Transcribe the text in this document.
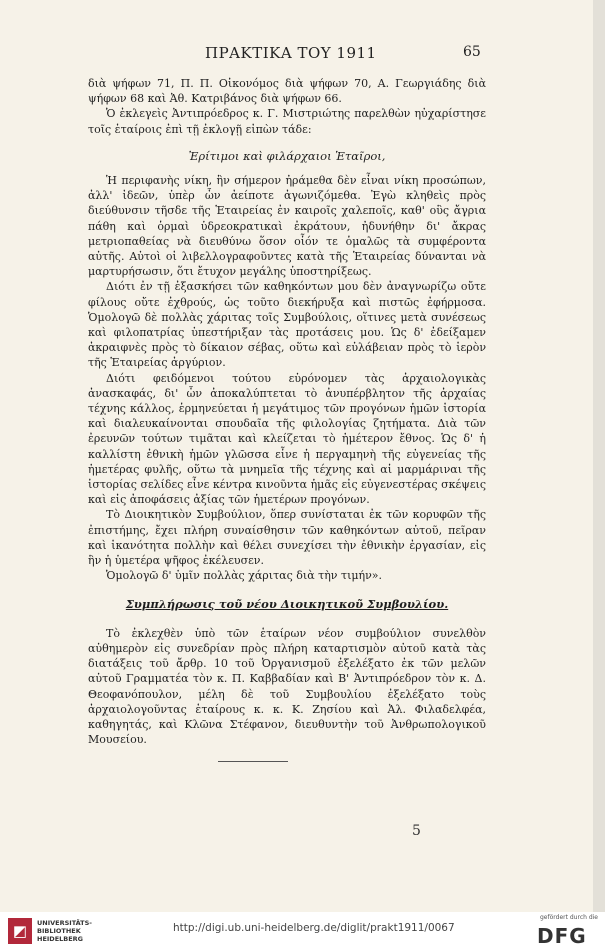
ΠΡΑΚΤΙΚΑ ΤΟΥ 1911	65

διὰ ψήφων 71, Π. Π. Οἰκονόμος διὰ ψήφων 70, Α. Γεωργιάδης διὰ ψήφων 68 καὶ Ἀθ. Κατριβάνος διὰ ψήφων 66.

Ὁ ἐκλεγεὶς Ἀντιπρόεδρος κ. Γ. Μιστριώτης παρελθὼν ηὐχαρίστησε τοῖς ἑταίροις ἐπὶ τῇ ἐκλογῇ εἰπὼν τάδε:

Ἐρίτιμοι καὶ φιλάρχαιοι Ἑταῖροι,

Ἡ περιφανὴς νίκη, ἣν σήμερον ἠράμεθα δὲν εἶναι νίκη προσώπων, ἀλλ' ἰδεῶν, ὑπὲρ ὧν ἀείποτε ἀγωνιζόμεθα. Ἐγὼ κληθεὶς πρὸς διεύθυνσιν τῆσδε τῆς Ἑταιρείας ἐν καιροῖς χαλεποῖς, καθ' οὓς ἄγρια πάθη καὶ ὁρμαὶ ὑδρεοκρατικαὶ ἐκράτουν, ἠδυνήθην δι' ἄκρας μετριοπαθείας νὰ διευθύνω ὅσον οἷόν τε ὁμαλῶς τὰ συμφέροντα αὐτῆς. Αὐτοὶ οἱ λιβελλογραφοῦντες κατὰ τῆς Ἑταιρείας δύνανται νὰ μαρτυρήσωσιν, ὅτι ἔτυχον μεγάλης ὑποστηρίξεως.

Διότι ἐν τῇ ἐξασκήσει τῶν καθηκόντων μου δὲν ἀναγνωρίζω οὔτε φίλους οὔτε ἐχθρούς, ὡς τοῦτο διεκήρυξα καὶ πιστῶς ἐφήρμοσα. Ὁμολογῶ δὲ πολλὰς χάριτας τοῖς Συμβούλοις, οἵτινες μετὰ συνέσεως καὶ φιλοπατρίας ὑπεστήριξαν τὰς προτάσεις μου. Ὡς δ' ἐδείξαμεν ἀκραιφνὲς πρὸς τὸ δίκαιον σέβας, οὕτω καὶ εὐλάβειαν πρὸς τὸ ἱερὸν τῆς Ἑταιρείας ἀργύριον.

Διότι φειδόμενοι τούτου εὑρόνομεν τὰς ἀρχαιολογικὰς ἀνασκαφάς, δι' ὧν ἀποκαλύπτεται τὸ ἀνυπέρβλητον τῆς ἀρχαίας τέχνης κάλλος, ἑρμηνεύεται ἡ μεγάτιμος τῶν προγόνων ἡμῶν ἱστορία καὶ διαλευκαίνονται σπουδαῖα τῆς φιλολογίας ζητήματα. Διὰ τῶν ἐρευνῶν τούτων τιμᾶται καὶ κλείζεται τὸ ἡμέτερον ἔθνος. Ὡς δ' ἡ καλλίστη ἐθνικὴ ἡμῶν γλῶσσα εἶνε ἡ περγαμηνὴ τῆς εὐγενείας τῆς ἡμετέρας φυλῆς, οὕτω τὰ μνημεῖα τῆς τέχνης καὶ αἱ μαρμάριναι τῆς ἱστορίας σελίδες εἶνε κέντρα κινοῦντα ἡμᾶς εἰς εὐγενεστέρας σκέψεις καὶ εἰς ἀποφάσεις ἀξίας τῶν ἡμετέρων προγόνων.

Τὸ Διοικητικὸν Συμβούλιον, ὅπερ συνίσταται ἐκ τῶν κορυφῶν τῆς ἐπιστήμης, ἔχει πλήρη συναίσθησιν τῶν καθηκόντων αὐτοῦ, πεῖραν καὶ ἱκανότητα πολλὴν καὶ θέλει συνεχίσει τὴν ἐθνικὴν ἐργασίαν, εἰς ἣν ἡ ὑμετέρα ψῆφος ἐκέλευσεν.

Ὁμολογῶ δ' ὑμῖν πολλὰς χάριτας διὰ τὴν τιμήν».

Συμπλήρωσις τοῦ νέου Διοικητικοῦ Συμβουλίου.

Τὸ ἐκλεχθὲν ὑπὸ τῶν ἑταίρων νέον συμβούλιον συνελθὸν αὐθημερὸν εἰς συνεδρίαν πρὸς πλήρη καταρτισμὸν αὐτοῦ κατὰ τὰς διατάξεις τοῦ ἄρθρ. 10 τοῦ Ὀργανισμοῦ ἐξελέξατο ἐκ τῶν μελῶν αὐτοῦ Γραμματέα τὸν κ. Π. Καββαδίαν καὶ Β' Ἀντιπρόεδρον τὸν κ. Δ. Θεοφανόπουλον, μέλη δὲ τοῦ Συμβουλίου ἐξελέξατο τοὺς ἀρχαιολογοῦντας ἑταίρους κ. κ. Κ. Ζησίου καὶ Ἀλ. Φιλαδελφέα, καθηγητάς, καὶ Κλῶνα Στέφανον, διευθυντὴν τοῦ Ἀνθρωπολογικοῦ Μουσείου.

5
◩ UNIVERSITÄTS-
BIBLIOTHEK
HEIDELBERG
http://digi.ub.uni-heidelberg.de/diglit/prakt1911/0067
gefördert durch die
DFG
